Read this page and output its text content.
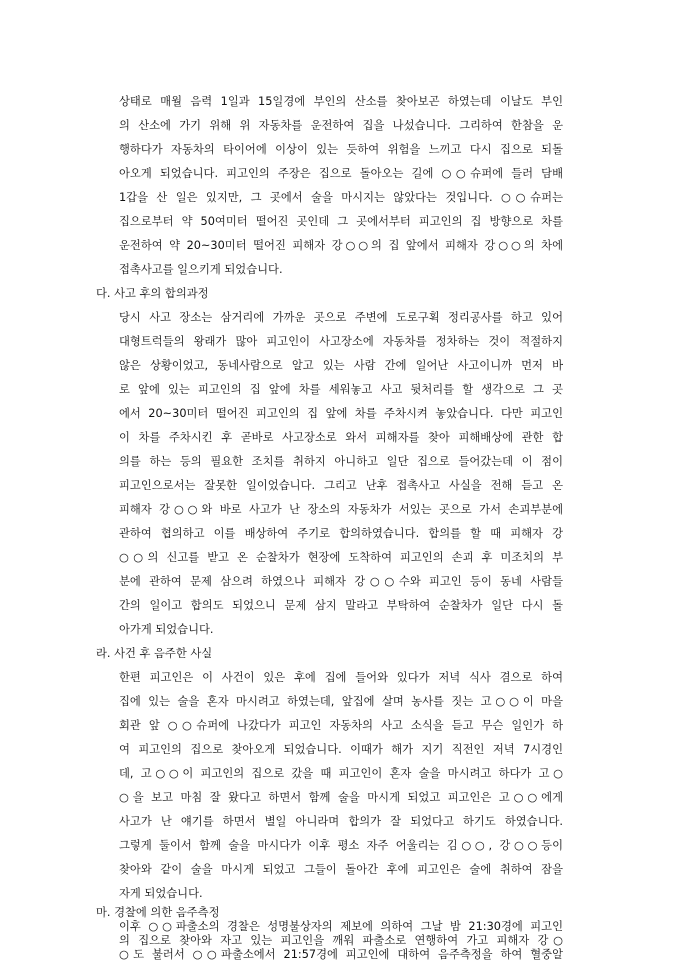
상태로 매월 음력 1일과 15일경에 부인의 산소를 찾아보곤 하였는데 이날도 부인
의 산소에 가기 위해 위 자동차를 운전하여 집을 나섰습니다. 그리하여 한참을 운
행하다가 자동차의 타이어에 이상이 있는 듯하여 위험을 느끼고 다시 집으로 되돌
아오게 되었습니다. 피고인의 주장은 집으로 돌아오는 길에 ○○슈퍼에 들러 담배
1갑을 산 일은 있지만, 그 곳에서 술을 마시지는 않았다는 것입니다. ○○슈퍼는
집으로부터 약 50여미터 떨어진 곳인데 그 곳에서부터 피고인의 집 방향으로 차를
운전하여 약 20~30미터 떨어진 피해자 강○○의 집 앞에서 피해자 강○○의 차에
접촉사고를 일으키게 되었습니다.
다. 사고 후의 합의과정
당시 사고 장소는 삼거리에 가까운 곳으로 주변에 도로구획 정리공사를 하고 있어
대형트럭들의 왕래가 많아 피고인이 사고장소에 자동차를 정차하는 것이 적절하지
않은 상황이었고, 동네사람으로 알고 있는 사람 간에 일어난 사고이니까 먼저 바
로 앞에 있는 피고인의 집 앞에 차를 세워놓고 사고 뒷처리를 할 생각으로 그 곳
에서 20~30미터 떨어진 피고인의 집 앞에 차를 주차시켜 놓았습니다. 다만 피고인
이 차를 주차시킨 후 곧바로 사고장소로 와서 피해자를 찾아 피해배상에 관한 합
의를 하는 등의 필요한 조치를 취하지 아니하고 일단 집으로 들어갔는데 이 점이
피고인으로서는 잘못한 일이었습니다. 그리고 난후 접촉사고 사실을 전해 듣고 온
피해자 강○○와 바로 사고가 난 장소의 자동차가 서있는 곳으로 가서 손괴부분에
관하여 협의하고 이를 배상하여 주기로 합의하였습니다. 합의를 할 때 피해자 강
○○의 신고를 받고 온 순찰차가 현장에 도착하여 피고인의 손괴 후 미조치의 부
분에 관하여 문제 삼으려 하였으나 피해자 강○○수와 피고인 등이 동네 사람들
간의 일이고 합의도 되었으니 문제 삼지 말라고 부탁하여 순찰차가 일단 다시 돌
아가게 되었습니다.
라. 사건 후 음주한 사실
한편 피고인은 이 사건이 있은 후에 집에 들어와 있다가 저녁 식사 겸으로 하여
집에 있는 술을 혼자 마시려고 하였는데, 앞집에 살며 농사를 짓는 고○○이 마을
회관 앞 ○○슈퍼에 나갔다가 피고인 자동차의 사고 소식을 듣고 무슨 일인가 하
여 피고인의 집으로 찾아오게 되었습니다. 이때가 해가 지기 직전인 저녁 7시경인
데, 고○○이 피고인의 집으로 갔을 때 피고인이 혼자 술을 마시려고 하다가 고○
○을 보고 마침 잘 왔다고 하면서 함께 술을 마시게 되었고 피고인은 고○○에게
사고가 난 얘기를 하면서 별일 아니라며 합의가 잘 되었다고 하기도 하였습니다.
그렇게 둘이서 함께 술을 마시다가 이후 평소 자주 어울리는 김○○, 강○○등이
찾아와 같이 술을 마시게 되었고 그들이 돌아간 후에 피고인은 술에 취하여 잠을
자게 되었습니다.
마. 경찰에 의한 음주측정
이후 ○○파출소의 경찰은 성명불상자의 제보에 의하여 그날 밤 21:30경에 피고인
의 집으로 찾아와 자고 있는 피고인을 깨워 파출소로 연행하여 가고 피해자 강○
○도 불러서 ○○파출소에서 21:57경에 피고인에 대하여 음주측정을 하여 혈중알
